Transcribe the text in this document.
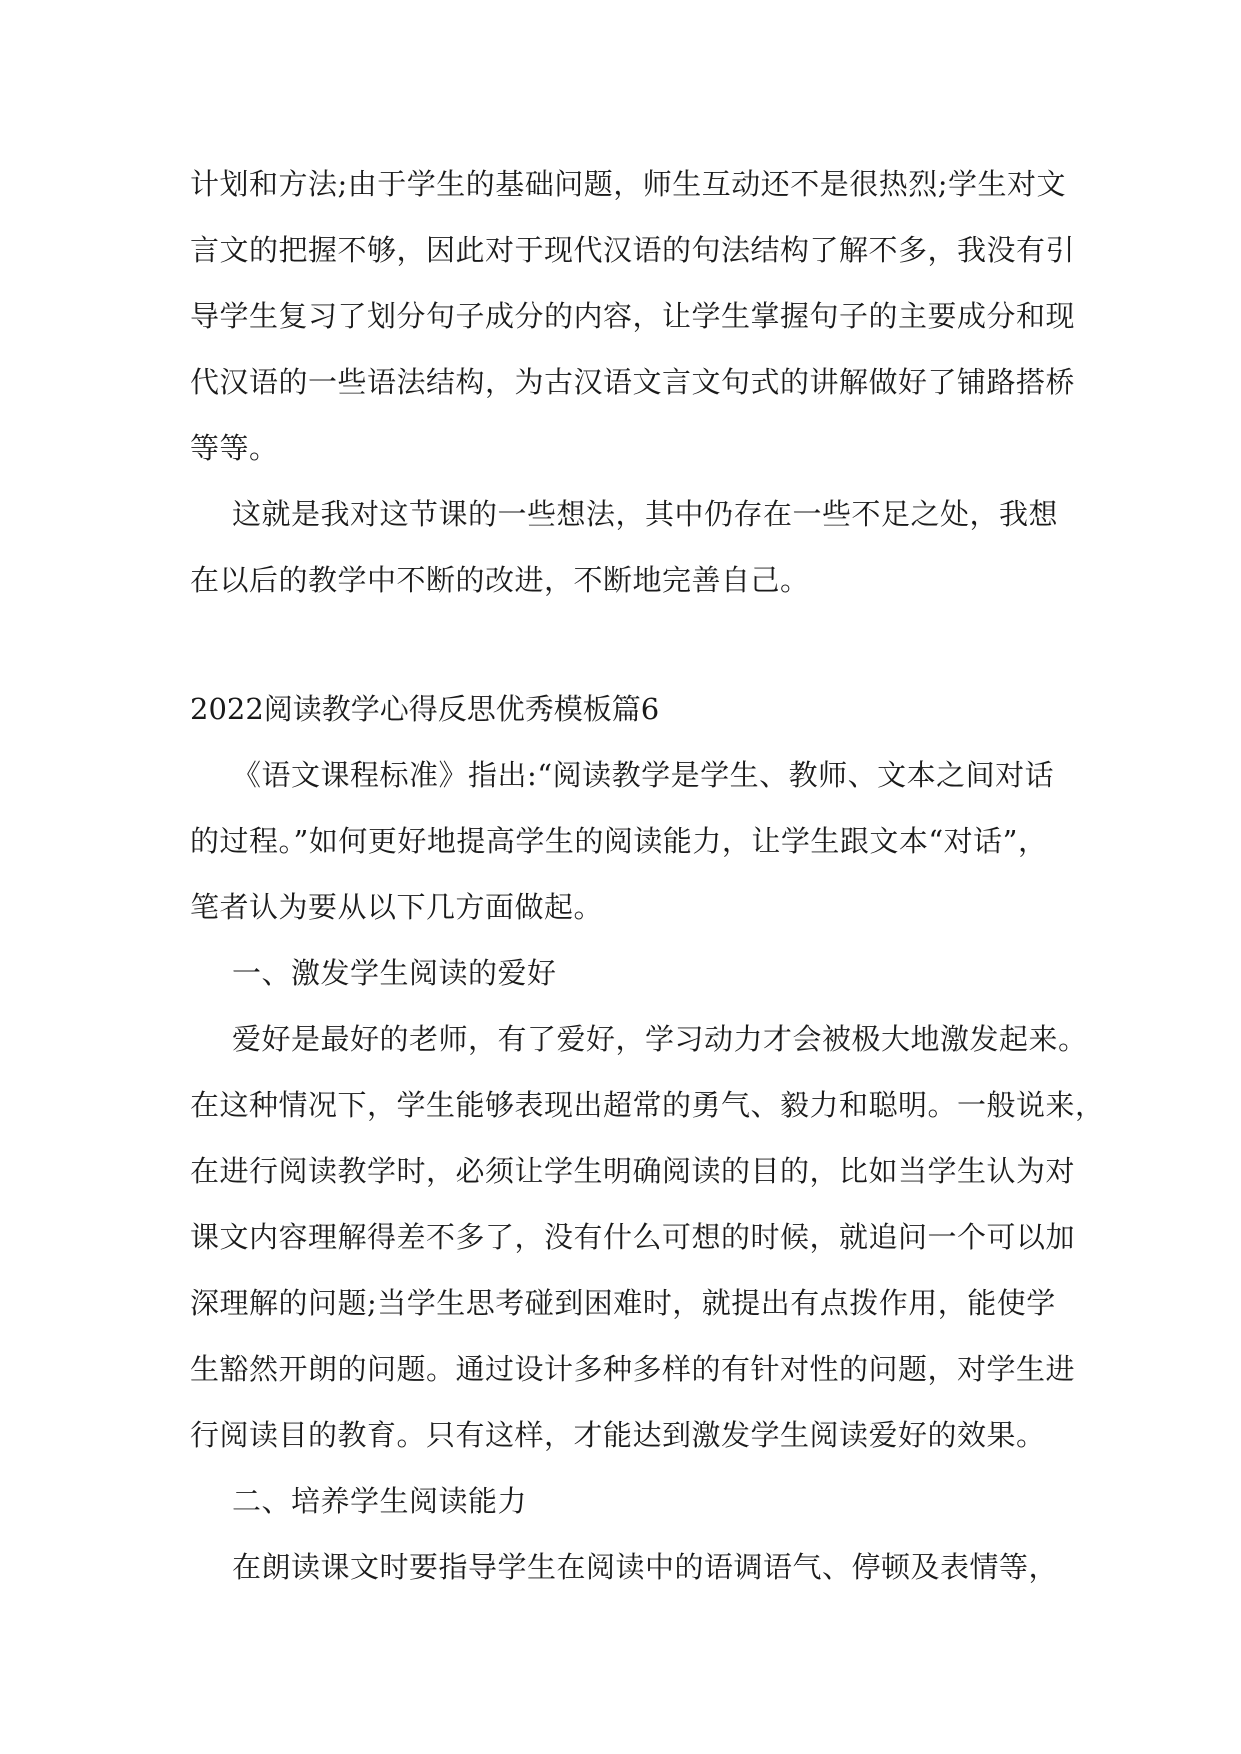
计划和方法;由于学生的基础问题，师生互动还不是很热烈;学生对文
言文的把握不够，因此对于现代汉语的句法结构了解不多，我没有引
导学生复习了划分句子成分的内容，让学生掌握句子的主要成分和现
代汉语的一些语法结构，为古汉语文言文句式的讲解做好了铺路搭桥
等等。
这就是我对这节课的一些想法，其中仍存在一些不足之处，我想
在以后的教学中不断的改进，不断地完善自己。
2022阅读教学心得反思优秀模板篇6
《语文课程标准》指出:“阅读教学是学生、教师、文本之间对话
的过程。”如何更好地提高学生的阅读能力，让学生跟文本“对话”，
笔者认为要从以下几方面做起。
一、激发学生阅读的爱好
爱好是最好的老师，有了爱好，学习动力才会被极大地激发起来。
在这种情况下，学生能够表现出超常的勇气、毅力和聪明。一般说来，
在进行阅读教学时，必须让学生明确阅读的目的，比如当学生认为对
课文内容理解得差不多了，没有什么可想的时候，就追问一个可以加
深理解的问题;当学生思考碰到困难时，就提出有点拨作用，能使学
生豁然开朗的问题。通过设计多种多样的有针对性的问题，对学生进
行阅读目的教育。只有这样，才能达到激发学生阅读爱好的效果。
二、培养学生阅读能力
在朗读课文时要指导学生在阅读中的语调语气、停顿及表情等，
